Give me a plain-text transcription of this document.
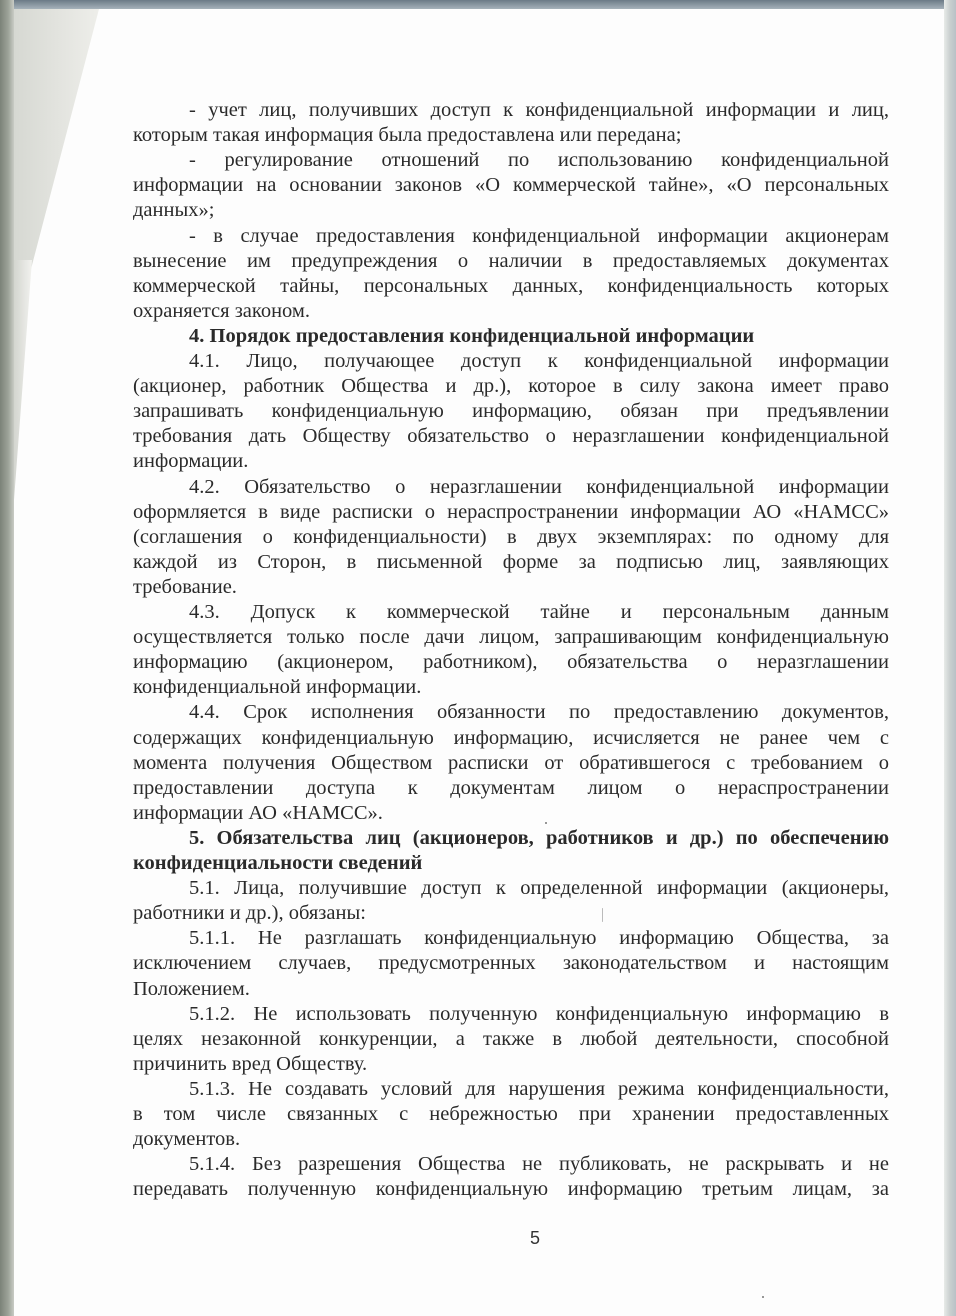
- учет лиц, получивших доступ к конфиденциальной информации и лиц,
которым такая информация была предоставлена или передана;
- регулирование отношений по использованию конфиденциальной
информации на основании законов «О коммерческой тайне», «О персональных
данных»;
- в случае предоставления конфиденциальной информации акционерам
вынесение им предупреждения о наличии в предоставляемых документах
коммерческой тайны, персональных данных, конфиденциальность которых
охраняется законом.
4. Порядок предоставления конфиденциальной информации
4.1. Лицо, получающее доступ к конфиденциальной информации
(акционер, работник Общества и др.), которое в силу закона имеет право
запрашивать конфиденциальную информацию, обязан при предъявлении
требования дать Обществу обязательство о неразглашении конфиденциальной
информации.
4.2. Обязательство о неразглашении конфиденциальной информации
оформляется в виде расписки о нераспространении информации АО «НАМСС»
(соглашения о конфиденциальности) в двух экземплярах: по одному для
каждой из Сторон, в письменной форме за подписью лиц, заявляющих
требование.
4.3. Допуск к коммерческой тайне и персональным данным
осуществляется только после дачи лицом, запрашивающим конфиденциальную
информацию (акционером, работником), обязательства о неразглашении
конфиденциальной информации.
4.4. Срок исполнения обязанности по предоставлению документов,
содержащих конфиденциальную информацию, исчисляется не ранее чем с
момента получения Обществом расписки от обратившегося с требованием о
предоставлении доступа к документам лицом о нераспространении
информации АО «НАМСС».
5. Обязательства лиц (акционеров, работников и др.) по обеспечению
конфиденциальности сведений
5.1. Лица, получившие доступ к определенной информации (акционеры,
работники и др.), обязаны:
5.1.1. Не разглашать конфиденциальную информацию Общества, за
исключением случаев, предусмотренных законодательством и настоящим
Положением.
5.1.2. Не использовать полученную конфиденциальную информацию в
целях незаконной конкуренции, а также в любой деятельности, способной
причинить вред Обществу.
5.1.3. Не создавать условий для нарушения режима конфиденциальности,
в том числе связанных с небрежностью при хранении предоставленных
документов.
5.1.4. Без разрешения Общества не публиковать, не раскрывать и не
передавать полученную конфиденциальную информацию третьим лицам, за
5
